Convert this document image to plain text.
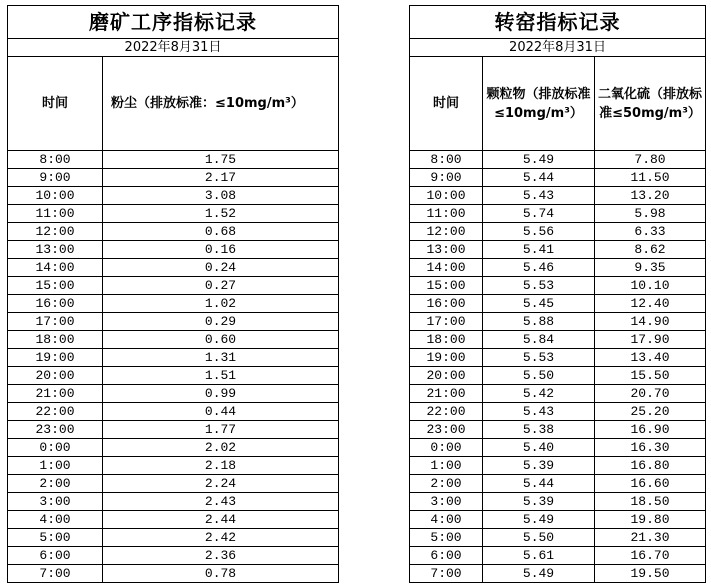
磨矿工序指标记录	
2022年8月31日	
时间	粉尘（排放标准：≤10mg/m³）
8:00	1.75
9:00	2.17
10:00	3.08
11:00	1.52
12:00	0.68
13:00	0.16
14:00	0.24
15:00	0.27
16:00	1.02
17:00	0.29
18:00	0.60
19:00	1.31
20:00	1.51
21:00	0.99
22:00	0.44
23:00	1.77
0:00	2.02
1:00	2.18
2:00	2.24
3:00	2.43
4:00	2.44
5:00	2.42
6:00	2.36
7:00	0.78
转窑指标记录		
2022年8月31日		
时间	颗粒物（排放标准≤10mg/m³）	二氧化硫（排放标准≤50mg/m³）
8:00	5.49	7.80
9:00	5.44	11.50
10:00	5.43	13.20
11:00	5.74	5.98
12:00	5.56	6.33
13:00	5.41	8.62
14:00	5.46	9.35
15:00	5.53	10.10
16:00	5.45	12.40
17:00	5.88	14.90
18:00	5.84	17.90
19:00	5.53	13.40
20:00	5.50	15.50
21:00	5.42	20.70
22:00	5.43	25.20
23:00	5.38	16.90
0:00	5.40	16.30
1:00	5.39	16.80
2:00	5.44	16.60
3:00	5.39	18.50
4:00	5.49	19.80
5:00	5.50	21.30
6:00	5.61	16.70
7:00	5.49	19.50
